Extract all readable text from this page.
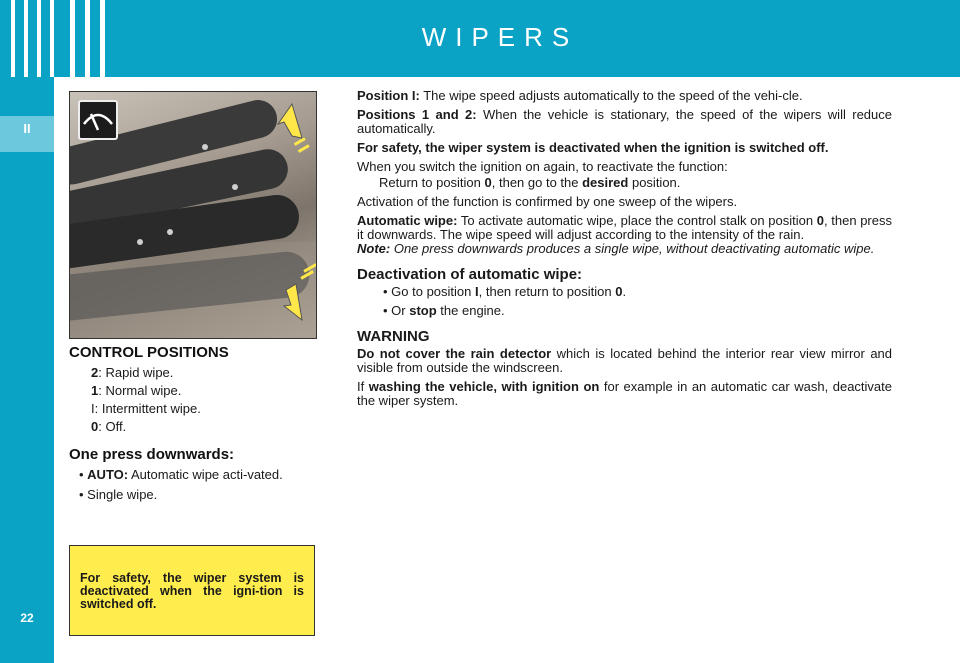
WIPERS
II
22
CONTROL POSITIONS
2: Rapid wipe.
1: Normal wipe.
I: Intermittent wipe.
0: Off.
One press downwards:
• AUTO: Automatic wipe acti-vated.
• Single wipe.
For safety, the wiper system is deactivated when the igni-tion is switched off.

Position I: The wipe speed adjusts automatically to the speed of the vehi-cle.

Positions 1 and 2: When the vehicle is stationary, the speed of the wipers will reduce automatically.

For safety, the wiper system is deactivated when the ignition is switched off.

When you switch the ignition on again, to reactivate the function:

Return to position 0, then go to the desired position.

Activation of the function is confirmed by one sweep of the wipers.

Automatic wipe: To activate automatic wipe, place the control stalk on position 0, then press it downwards. The wipe speed will adjust according to the intensity of the rain.

Note: One press downwards produces a single wipe, without deactivating automatic wipe.

Deactivation of automatic wipe:

• Go to position I, then return to position 0.

• Or stop the engine.

WARNING

Do not cover the rain detector which is located behind the interior rear view mirror and visible from outside the windscreen.

If washing the vehicle, with ignition on for example in an automatic car wash, deactivate the wiper system.
